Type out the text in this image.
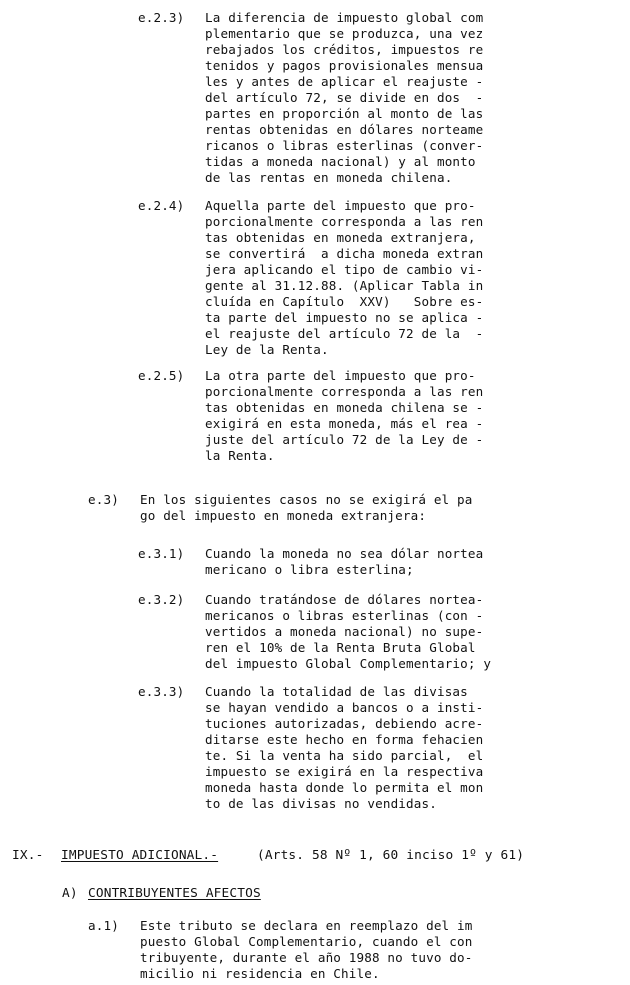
e.2.3) La diferencia de impuesto global com
plementario que se produzca, una vez
rebajados los créditos, impuestos re
tenidos y pagos provisionales mensua
les y antes de aplicar el reajuste -
del artículo 72, se divide en dos  -
partes en proporción al monto de las
rentas obtenidas en dólares norteame
ricanos o libras esterlinas (conver-
tidas a moneda nacional) y al monto
de las rentas en moneda chilena.
e.2.4) Aquella parte del impuesto que pro-
porcionalmente corresponda a las ren
tas obtenidas en moneda extranjera,
se convertirá  a dicha moneda extran
jera aplicando el tipo de cambio vi-
gente al 31.12.88. (Aplicar Tabla in
cluída en Capítulo  XXV)   Sobre es-
ta parte del impuesto no se aplica -
el reajuste del artículo 72 de la  -
Ley de la Renta.
e.2.5) La otra parte del impuesto que pro-
porcionalmente corresponda a las ren
tas obtenidas en moneda chilena se -
exigirá en esta moneda, más el rea -
juste del artículo 72 de la Ley de -
la Renta.
e.3) En los siguientes casos no se exigirá el pa
go del impuesto en moneda extranjera:
e.3.1) Cuando la moneda no sea dólar nortea
mericano o libra esterlina;
e.3.2) Cuando tratándose de dólares nortea-
mericanos o libras esterlinas (con -
vertidos a moneda nacional) no supe-
ren el 10% de la Renta Bruta Global
del impuesto Global Complementario; y
e.3.3) Cuando la totalidad de las divisas
se hayan vendido a bancos o a insti-
tuciones autorizadas, debiendo acre-
ditarse este hecho en forma fehacien
te. Si la venta ha sido parcial,  el
impuesto se exigirá en la respectiva
moneda hasta donde lo permita el mon
to de las divisas no vendidas.
IX.- IMPUESTO ADICIONAL.-	(Arts. 58 Nº 1, 60 inciso 1º y 61)
A) CONTRIBUYENTES AFECTOS
a.1) Este tributo se declara en reemplazo del im
puesto Global Complementario, cuando el con
tribuyente, durante el año 1988 no tuvo do-
micilio ni residencia en Chile.
